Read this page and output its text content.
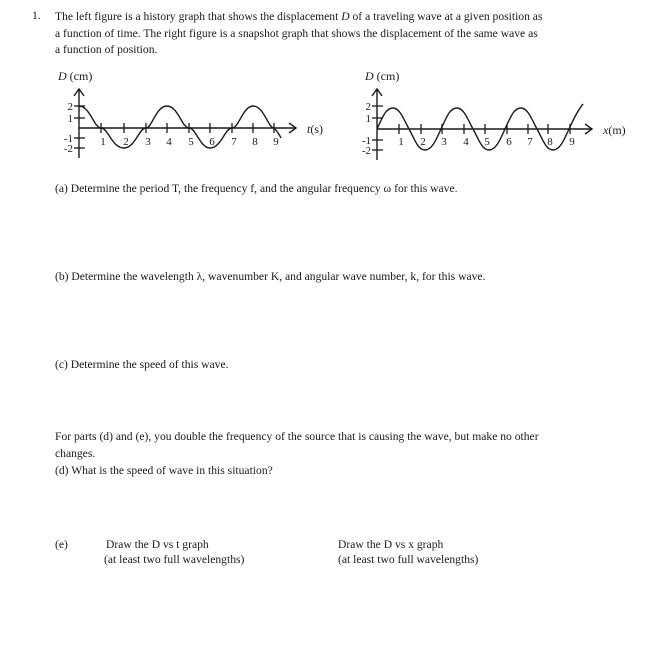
1. The left figure is a history graph that shows the displacement D of a traveling wave at a given position as
a function of time. The right figure is a snapshot graph that shows the displacement of the same wave as
a function of position.
D (cm)
2
1
-1
-2
1 2 3 4 5 6 7 8 9
t(s)
D (cm)
2
1
-1
-2
1 2 3 4 5 6 7 8 9
x(m)
(a) Determine the period T, the frequency f, and the angular frequency ω for this wave.
(b) Determine the wavelength λ, wavenumber K, and angular wave number, k, for this wave.
(c) Determine the speed of this wave.
For parts (d) and (e), you double the frequency of the source that is causing the wave, but make no other
changes.
(d) What is the speed of wave in this situation?
(e)	Draw the D vs t graph
(at least two full wavelengths)
Draw the D vs x graph
(at least two full wavelengths)
